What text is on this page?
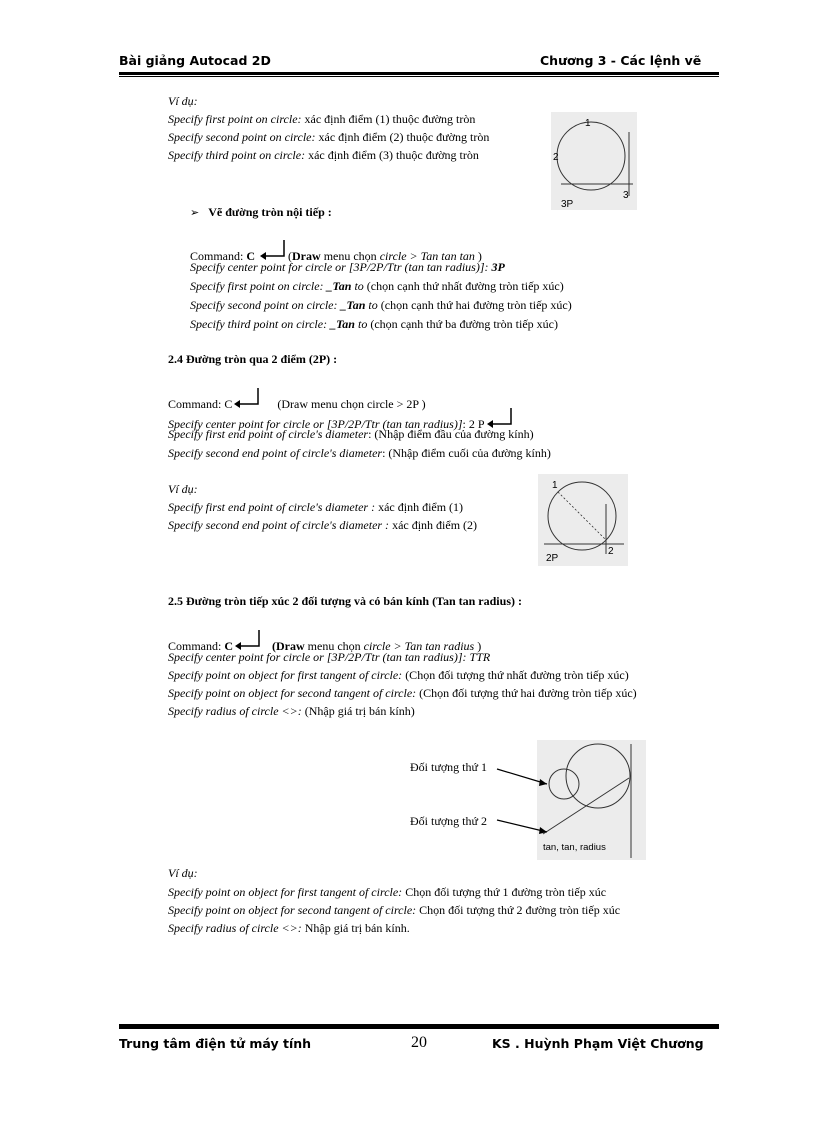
Bài giảng Autocad 2D	Chương 3 - Các lệnh vẽ
Ví dụ:
Specify first point on circle: xác định điểm (1) thuộc đường tròn
Specify second point on circle: xác định điểm (2) thuộc đường tròn
Specify third point on circle: xác định điểm (3) thuộc đường tròn
1
2
3
3P
➢ Vẽ đường tròn nội tiếp :
Command: C	(Draw menu chọn circle > Tan tan tan )
Specify center point for circle or [3P/2P/Ttr (tan tan radius)]: 3P
Specify first point on circle: _Tan to (chọn cạnh thứ nhất đường tròn tiếp xúc)
Specify second point on circle: _Tan to (chọn cạnh thứ hai đường tròn tiếp xúc)
Specify third point on circle: _Tan to (chọn cạnh thứ ba đường tròn tiếp xúc)
2.4 Đường tròn qua 2 điểm (2P) :
Command: C	(Draw menu chọn circle > 2P )
Specify center point for circle or [3P/2P/Ttr (tan tan radius)]: 2 P
Specify first end point of circle's diameter: (Nhập điểm đầu của đường kính)
Specify second end point of circle's diameter: (Nhập điểm cuối của đường kính)
Ví dụ:
Specify first end point of circle's diameter : xác định điểm (1)
Specify second end point of circle's diameter : xác định điểm (2)
1
2
2P
2.5 Đường tròn tiếp xúc 2 đối tượng và có bán kính (Tan tan radius) :
Command: C	(Draw menu chọn circle > Tan tan radius )
Specify center point for circle or [3P/2P/Ttr (tan tan radius)]: TTR
Specify point on object for first tangent of circle: (Chọn đối tượng thứ nhất đường tròn tiếp xúc)
Specify point on object for second tangent of circle: (Chọn đối tượng thứ hai đường tròn tiếp xúc)
Specify radius of circle <>: (Nhập giá trị bán kính)
Đối tượng thứ 1
Đối tượng thứ 2
tan, tan, radius
Ví dụ:
Specify point on object for first tangent of circle: Chọn đối tượng thứ 1 đường tròn tiếp xúc
Specify point on object for second tangent of circle: Chọn đối tượng thứ 2 đường tròn tiếp xúc
Specify radius of circle <>: Nhập giá trị bán kính.
Trung tâm điện tử máy tính	20	KS . Huỳnh Phạm Việt Chương
